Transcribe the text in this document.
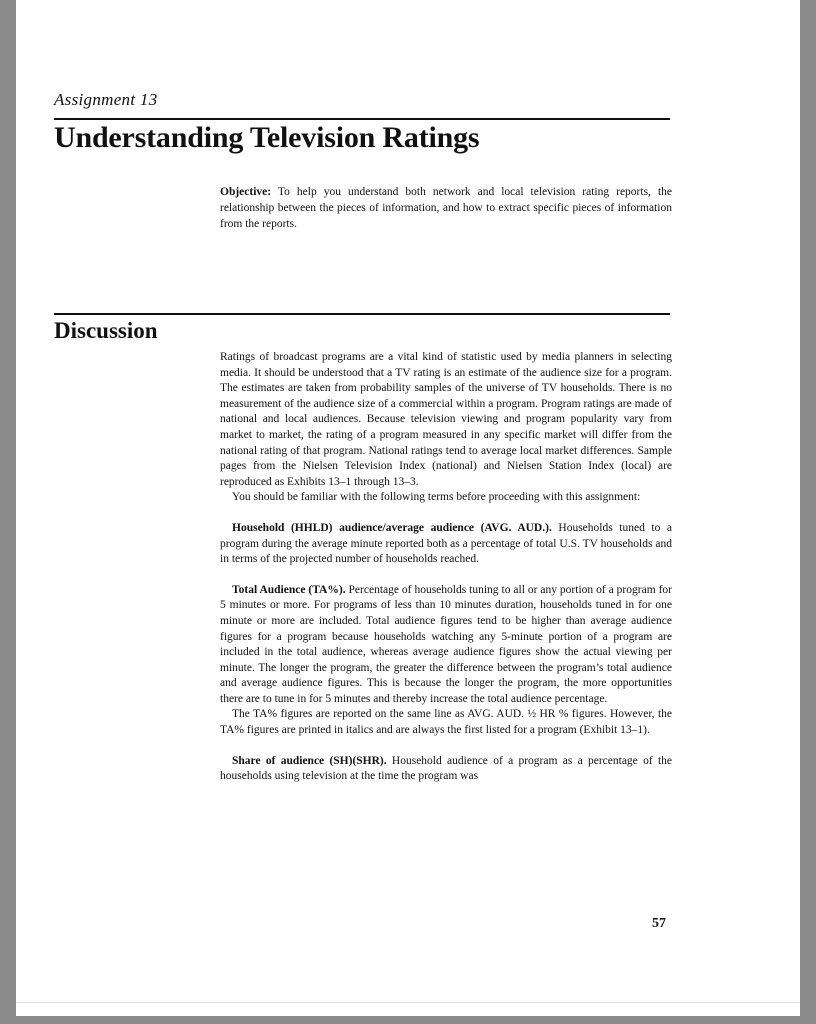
Assignment 13
Understanding Television Ratings
Objective: To help you understand both network and local television rating reports, the relationship between the pieces of information, and how to extract specific pieces of information from the reports.
Discussion

Ratings of broadcast programs are a vital kind of statistic used by media planners in selecting media. It should be understood that a TV rating is an estimate of the audience size for a program. The estimates are taken from probability samples of the universe of TV households. There is no measurement of the audience size of a commercial within a program. Program ratings are made of national and local audiences. Because television viewing and program popularity vary from market to market, the rating of a program measured in any specific market will differ from the national rating of that program. National ratings tend to average local market differences. Sample pages from the Nielsen Television Index (national) and Nielsen Station Index (local) are reproduced as Exhibits 13–1 through 13–3.

You should be familiar with the following terms before proceeding with this assignment:

Household (HHLD) audience/average audience (AVG. AUD.). Households tuned to a program during the average minute reported both as a percentage of total U.S. TV households and in terms of the projected number of households reached.

Total Audience (TA%). Percentage of households tuning to all or any portion of a program for 5 minutes or more. For programs of less than 10 minutes duration, households tuned in for one minute or more are included. Total audience figures tend to be higher than average audience figures for a program because households watching any 5-minute portion of a program are included in the total audience, whereas average audience figures show the actual viewing per minute. The longer the program, the greater the difference between the program’s total audience and average audience figures. This is because the longer the program, the more opportunities there are to tune in for 5 minutes and thereby increase the total audience percentage.

The TA% figures are reported on the same line as AVG. AUD. ½ HR % figures. However, the TA% figures are printed in italics and are always the first listed for a program (Exhibit 13–1).

Share of audience (SH)(SHR). Household audience of a program as a percentage of the households using television at the time the program was

57
